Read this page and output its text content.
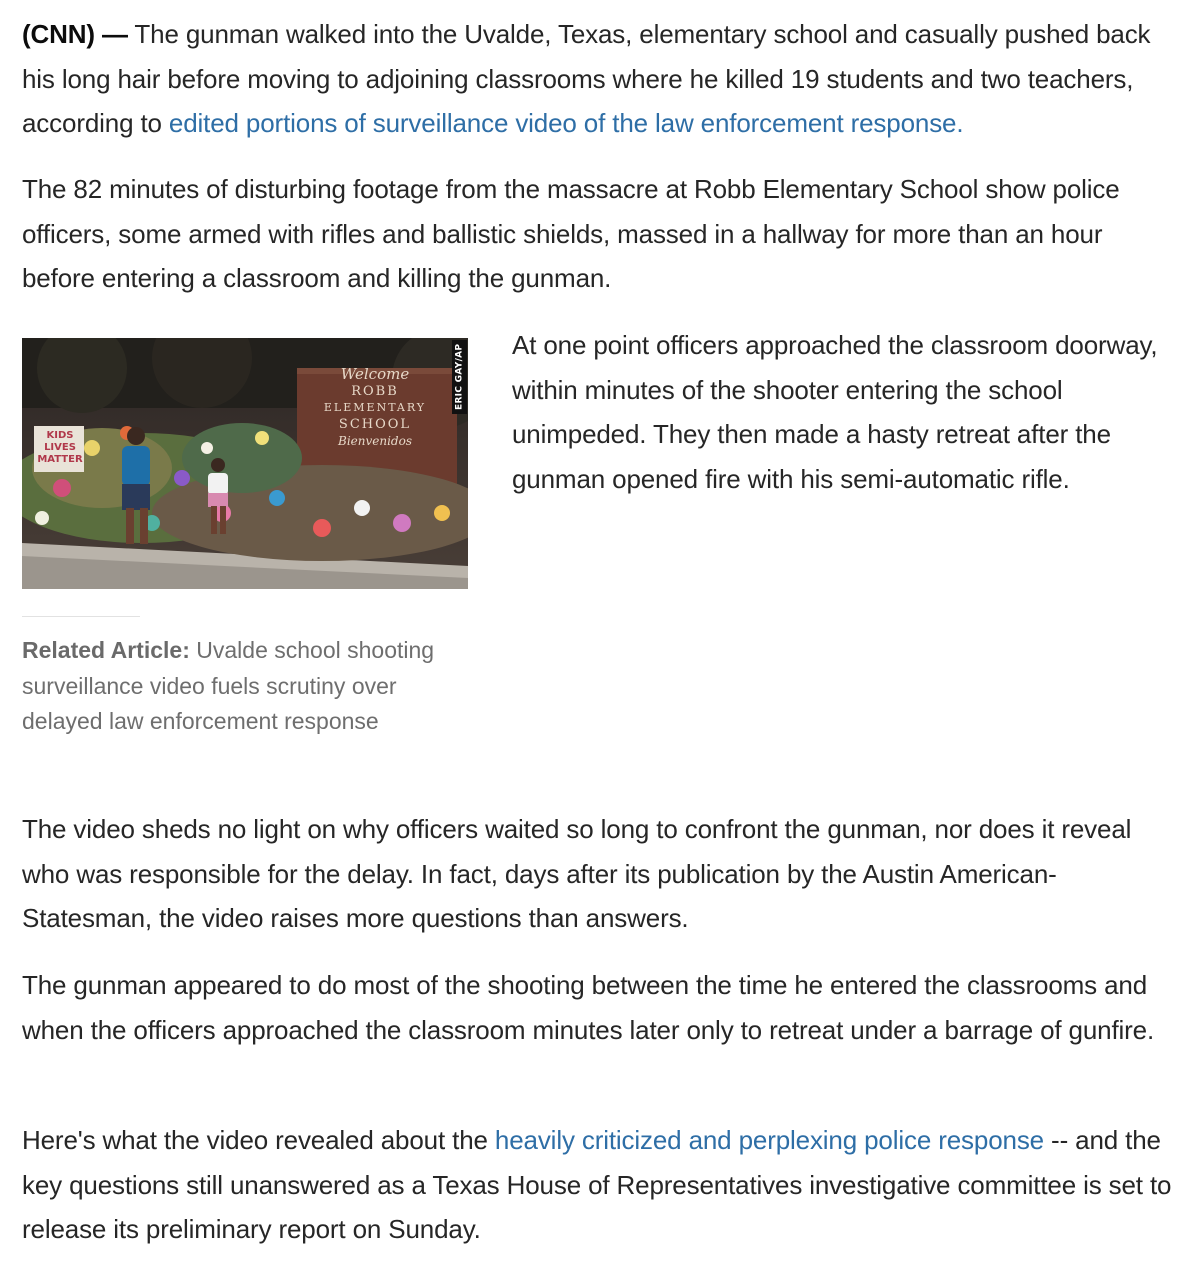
(CNN) — The gunman walked into the Uvalde, Texas, elementary school and casually pushed back his long hair before moving to adjoining classrooms where he killed 19 students and two teachers, according to edited portions of surveillance video of the law enforcement response.

The 82 minutes of disturbing footage from the massacre at Robb Elementary School show police officers, some armed with rifles and ballistic shields, massed in a hallway for more than an hour before entering a classroom and killing the gunman.

Welcome
ROBB
ELEMENTARY
SCHOOL
Bienvenidos
KIDS
LIVES
MATTER
ERIC GAY/AP At one point officers approached the classroom doorway, within minutes of the shooter entering the school unimpeded. They then made a hasty retreat after the gunman opened fire with his semi-automatic rifle.

Related Article: Uvalde school shooting surveillance video fuels scrutiny over delayed law enforcement response

The video sheds no light on why officers waited so long to confront the gunman, nor does it reveal who was responsible for the delay. In fact, days after its publication by the Austin American-Statesman, the video raises more questions than answers.

The gunman appeared to do most of the shooting between the time he entered the classrooms and when the officers approached the classroom minutes later only to retreat under a barrage of gunfire.

Here's what the video revealed about the heavily criticized and perplexing police response -- and the key questions still unanswered as a Texas House of Representatives investigative committee is set to release its preliminary report on Sunday.
